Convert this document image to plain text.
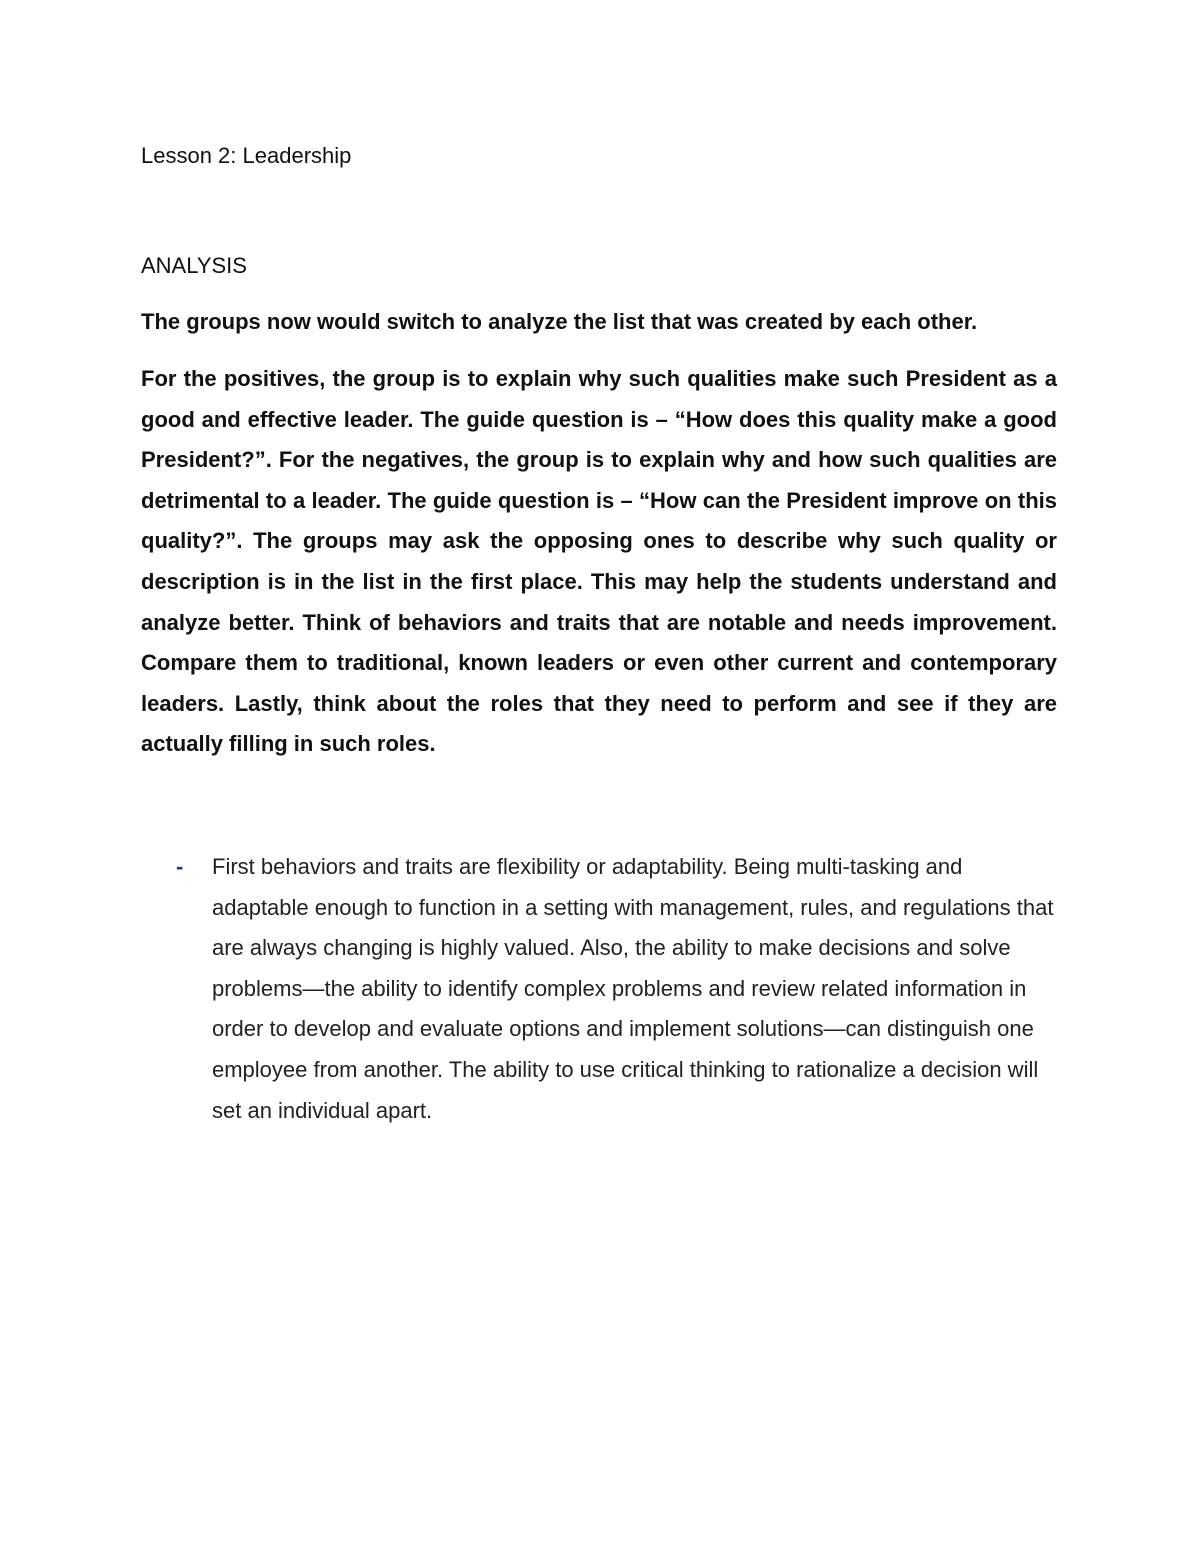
Lesson 2: Leadership
ANALYSIS

The groups now would switch to analyze the list that was created by each other.

For the positives, the group is to explain why such qualities make such President as a good and effective leader. The guide question is – “How does this quality make a good President?”. For the negatives, the group is to explain why and how such qualities are detrimental to a leader. The guide question is – “How can the President improve on this quality?”. The groups may ask the opposing ones to describe why such quality or description is in the list in the first place. This may help the students understand and analyze better. Think of behaviors and traits that are notable and needs improvement. Compare them to traditional, known leaders or even other current and contemporary leaders. Lastly, think about the roles that they need to perform and see if they are actually filling in such roles.

- First behaviors and traits are flexibility or adaptability. Being multi-tasking and adaptable enough to function in a setting with management, rules, and regulations that are always changing is highly valued. Also, the ability to make decisions and solve problems—the ability to identify complex problems and review related information in order to develop and evaluate options and implement solutions—can distinguish one employee from another. The ability to use critical thinking to rationalize a decision will set an individual apart.
